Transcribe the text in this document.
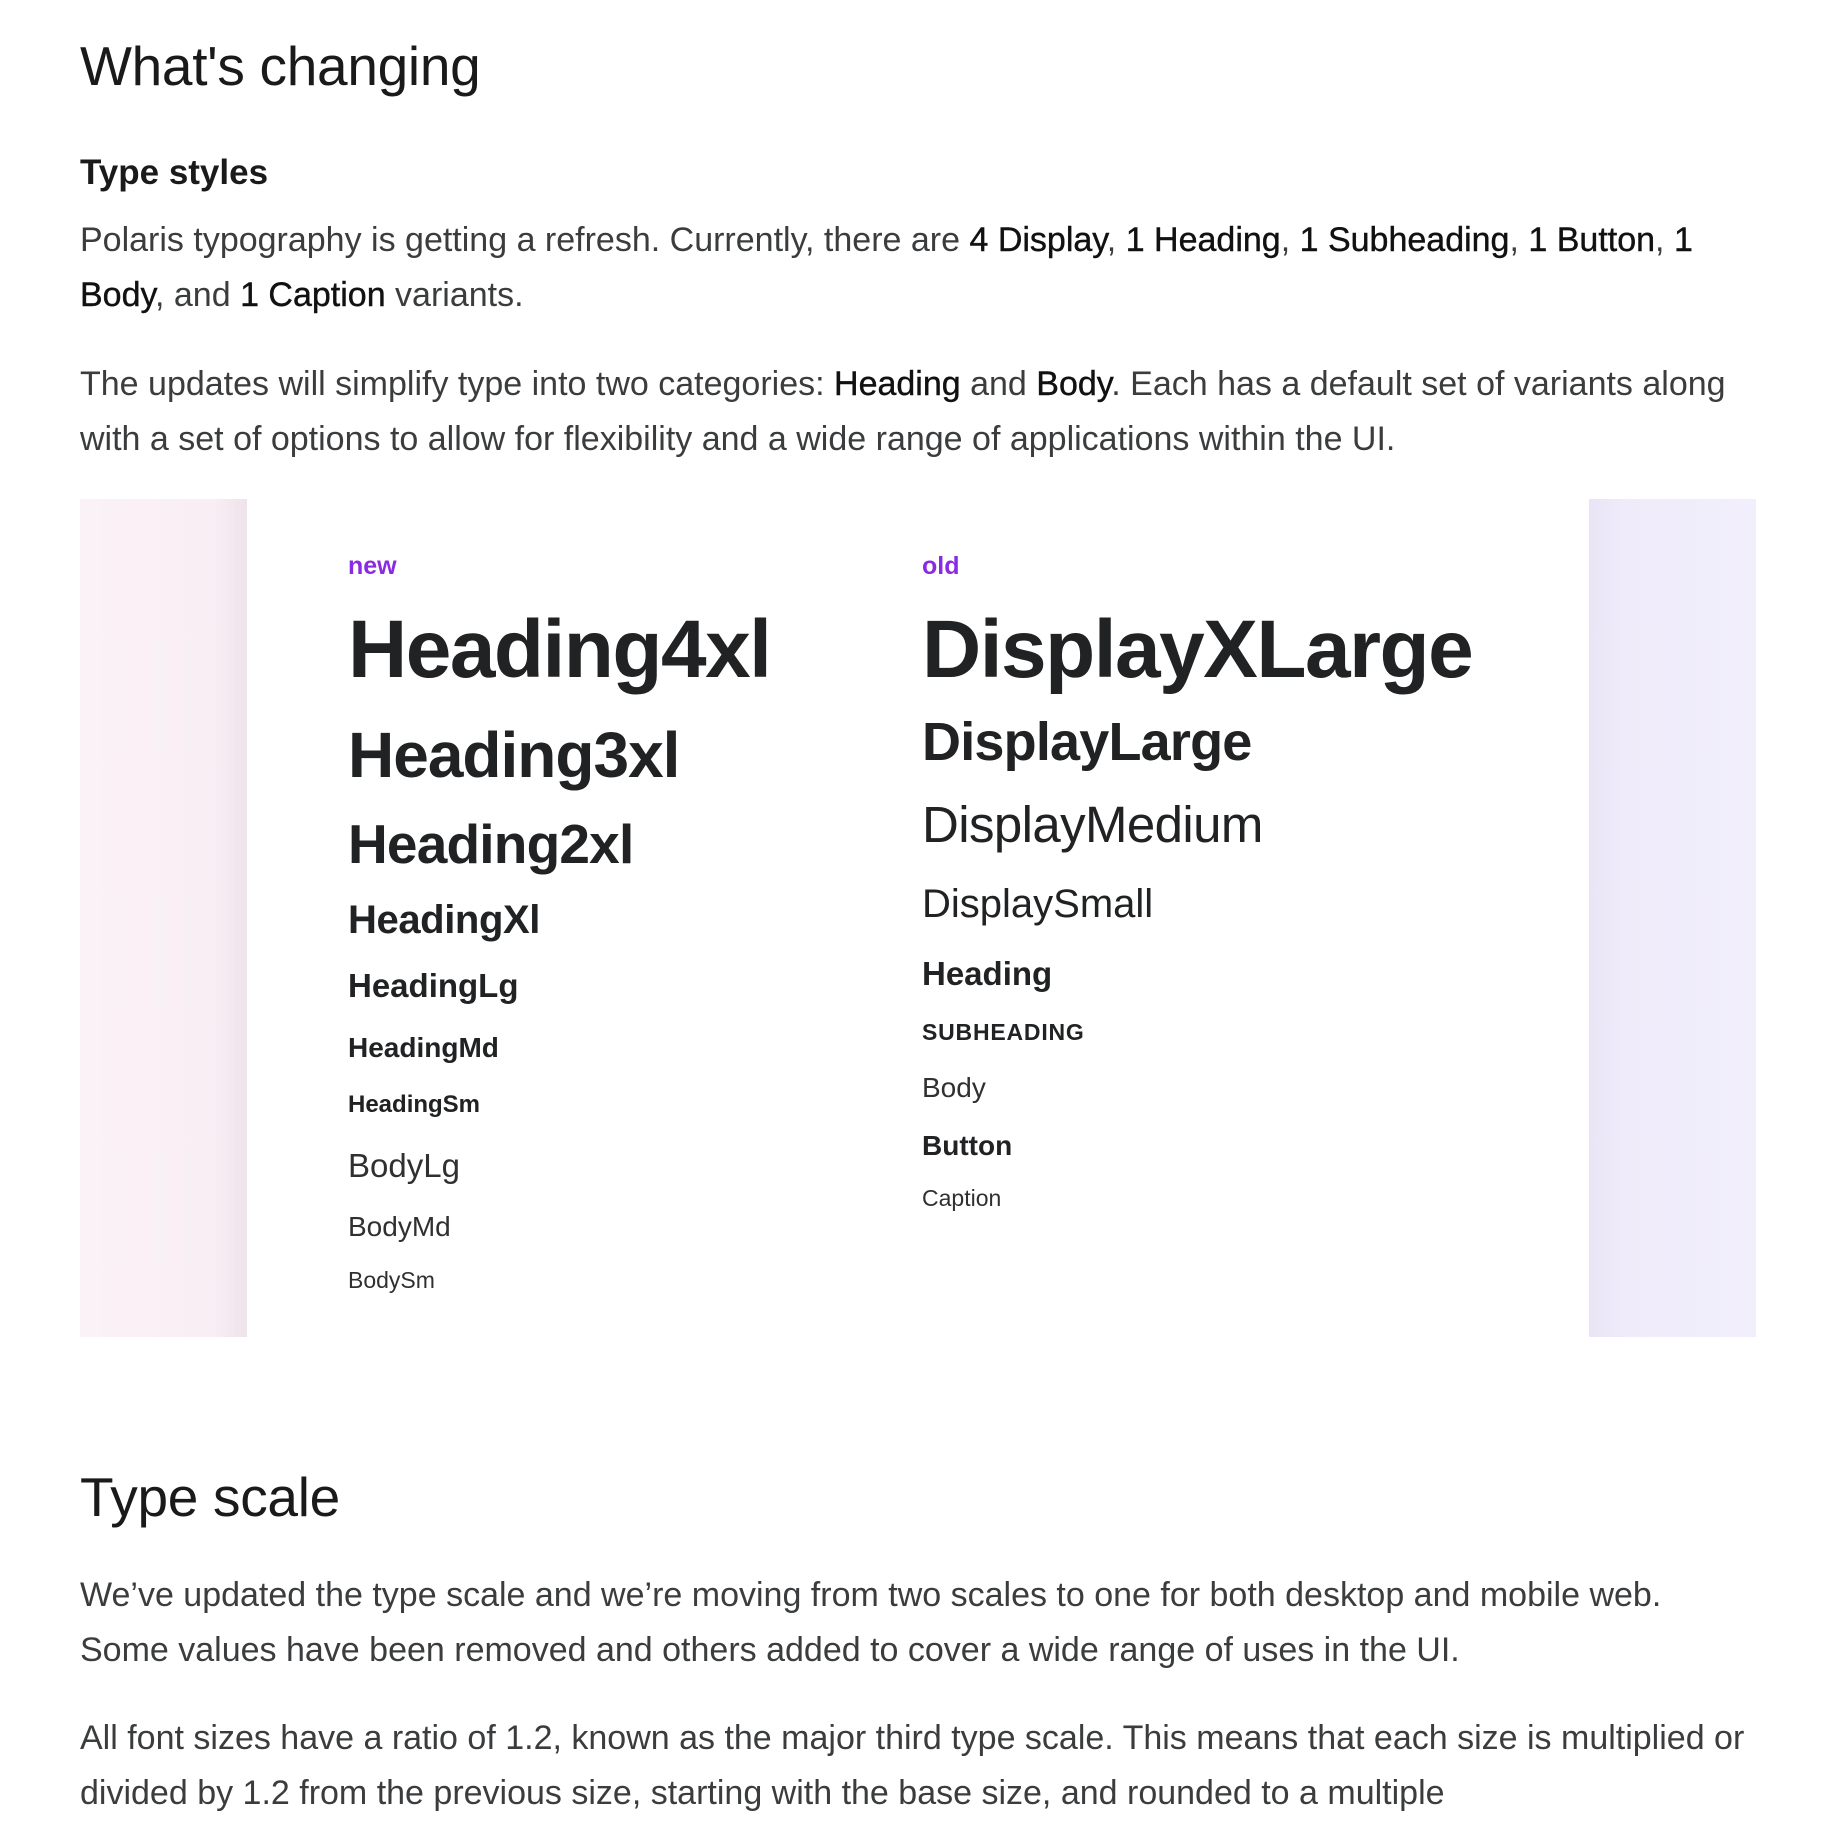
What's changing
Type styles

Polaris typography is getting a refresh. Currently, there are 4 Display, 1 Heading, 1 Subheading, 1 Button, 1 Body, and 1 Caption variants.

The updates will simplify type into two categories: Heading and Body. Each has a default set of variants along with a set of options to allow for flexibility and a wide range of applications within the UI.

new
Heading4xl
Heading3xl
Heading2xl
HeadingXl
HeadingLg
HeadingMd
HeadingSm
BodyLg
BodyMd
BodySm
old
DisplayXLarge
DisplayLarge
DisplayMedium
DisplaySmall
Heading
SUBHEADING
Body
Button
Caption
Type scale

We’ve updated the type scale and we’re moving from two scales to one for both desktop and mobile web. Some values have been removed and others added to cover a wide range of uses in the UI.

All font sizes have a ratio of 1.2, known as the major third type scale. This means that each size is multiplied or divided by 1.2 from the previous size, starting with the base size, and rounded to a multiple
